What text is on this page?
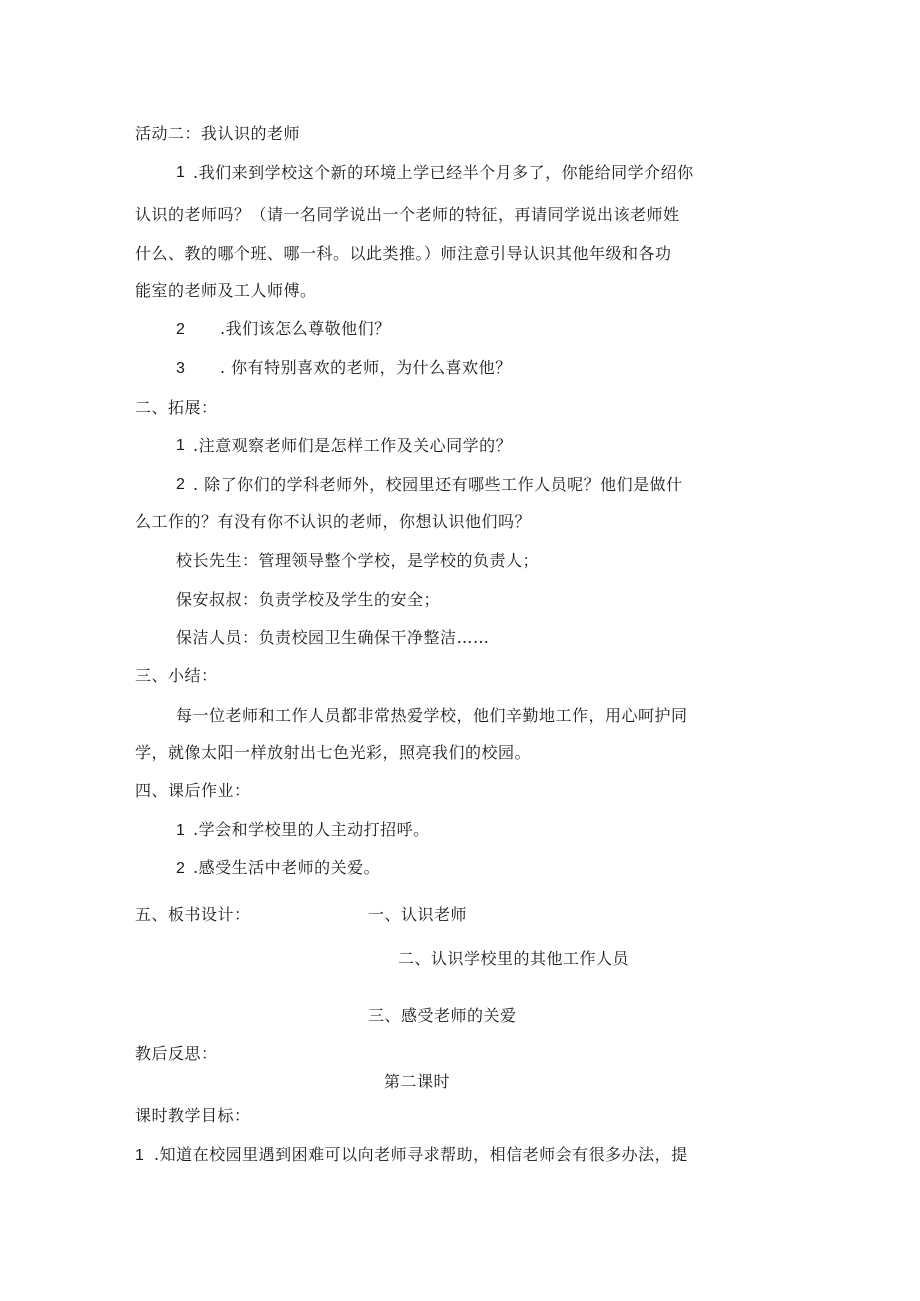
活动二：我认识的老师
1 .我们来到学校这个新的环境上学已经半个月多了，你能给同学介绍你
认识的老师吗？（请一名同学说出一个老师的特征，再请同学说出该老师姓
什么、教的哪个班、哪一科。以此类推。）师注意引导认识其他年级和各功
能室的老师及工人师傅。
2 .我们该怎么尊敬他们？
3 . 你有特别喜欢的老师，为什么喜欢他？
二、拓展：
1 .注意观察老师们是怎样工作及关心同学的？
2 . 除了你们的学科老师外，校园里还有哪些工作人员呢？他们是做什
么工作的？有没有你不认识的老师，你想认识他们吗？
校长先生：管理领导整个学校，是学校的负责人；
保安叔叔：负责学校及学生的安全；
保洁人员：负责校园卫生确保干净整洁……
三、小结：
每一位老师和工作人员都非常热爱学校，他们辛勤地工作，用心呵护同
学，就像太阳一样放射出七色光彩，照亮我们的校园。
四、课后作业：
1 .学会和学校里的人主动打招呼。
2 .感受生活中老师的关爱。
五、板书设计：	一、认识老师
二、认识学校里的其他工作人员
三、感受老师的关爱
教后反思：
第二课时
课时教学目标：
1 .知道在校园里遇到困难可以向老师寻求帮助，相信老师会有很多办法，提
